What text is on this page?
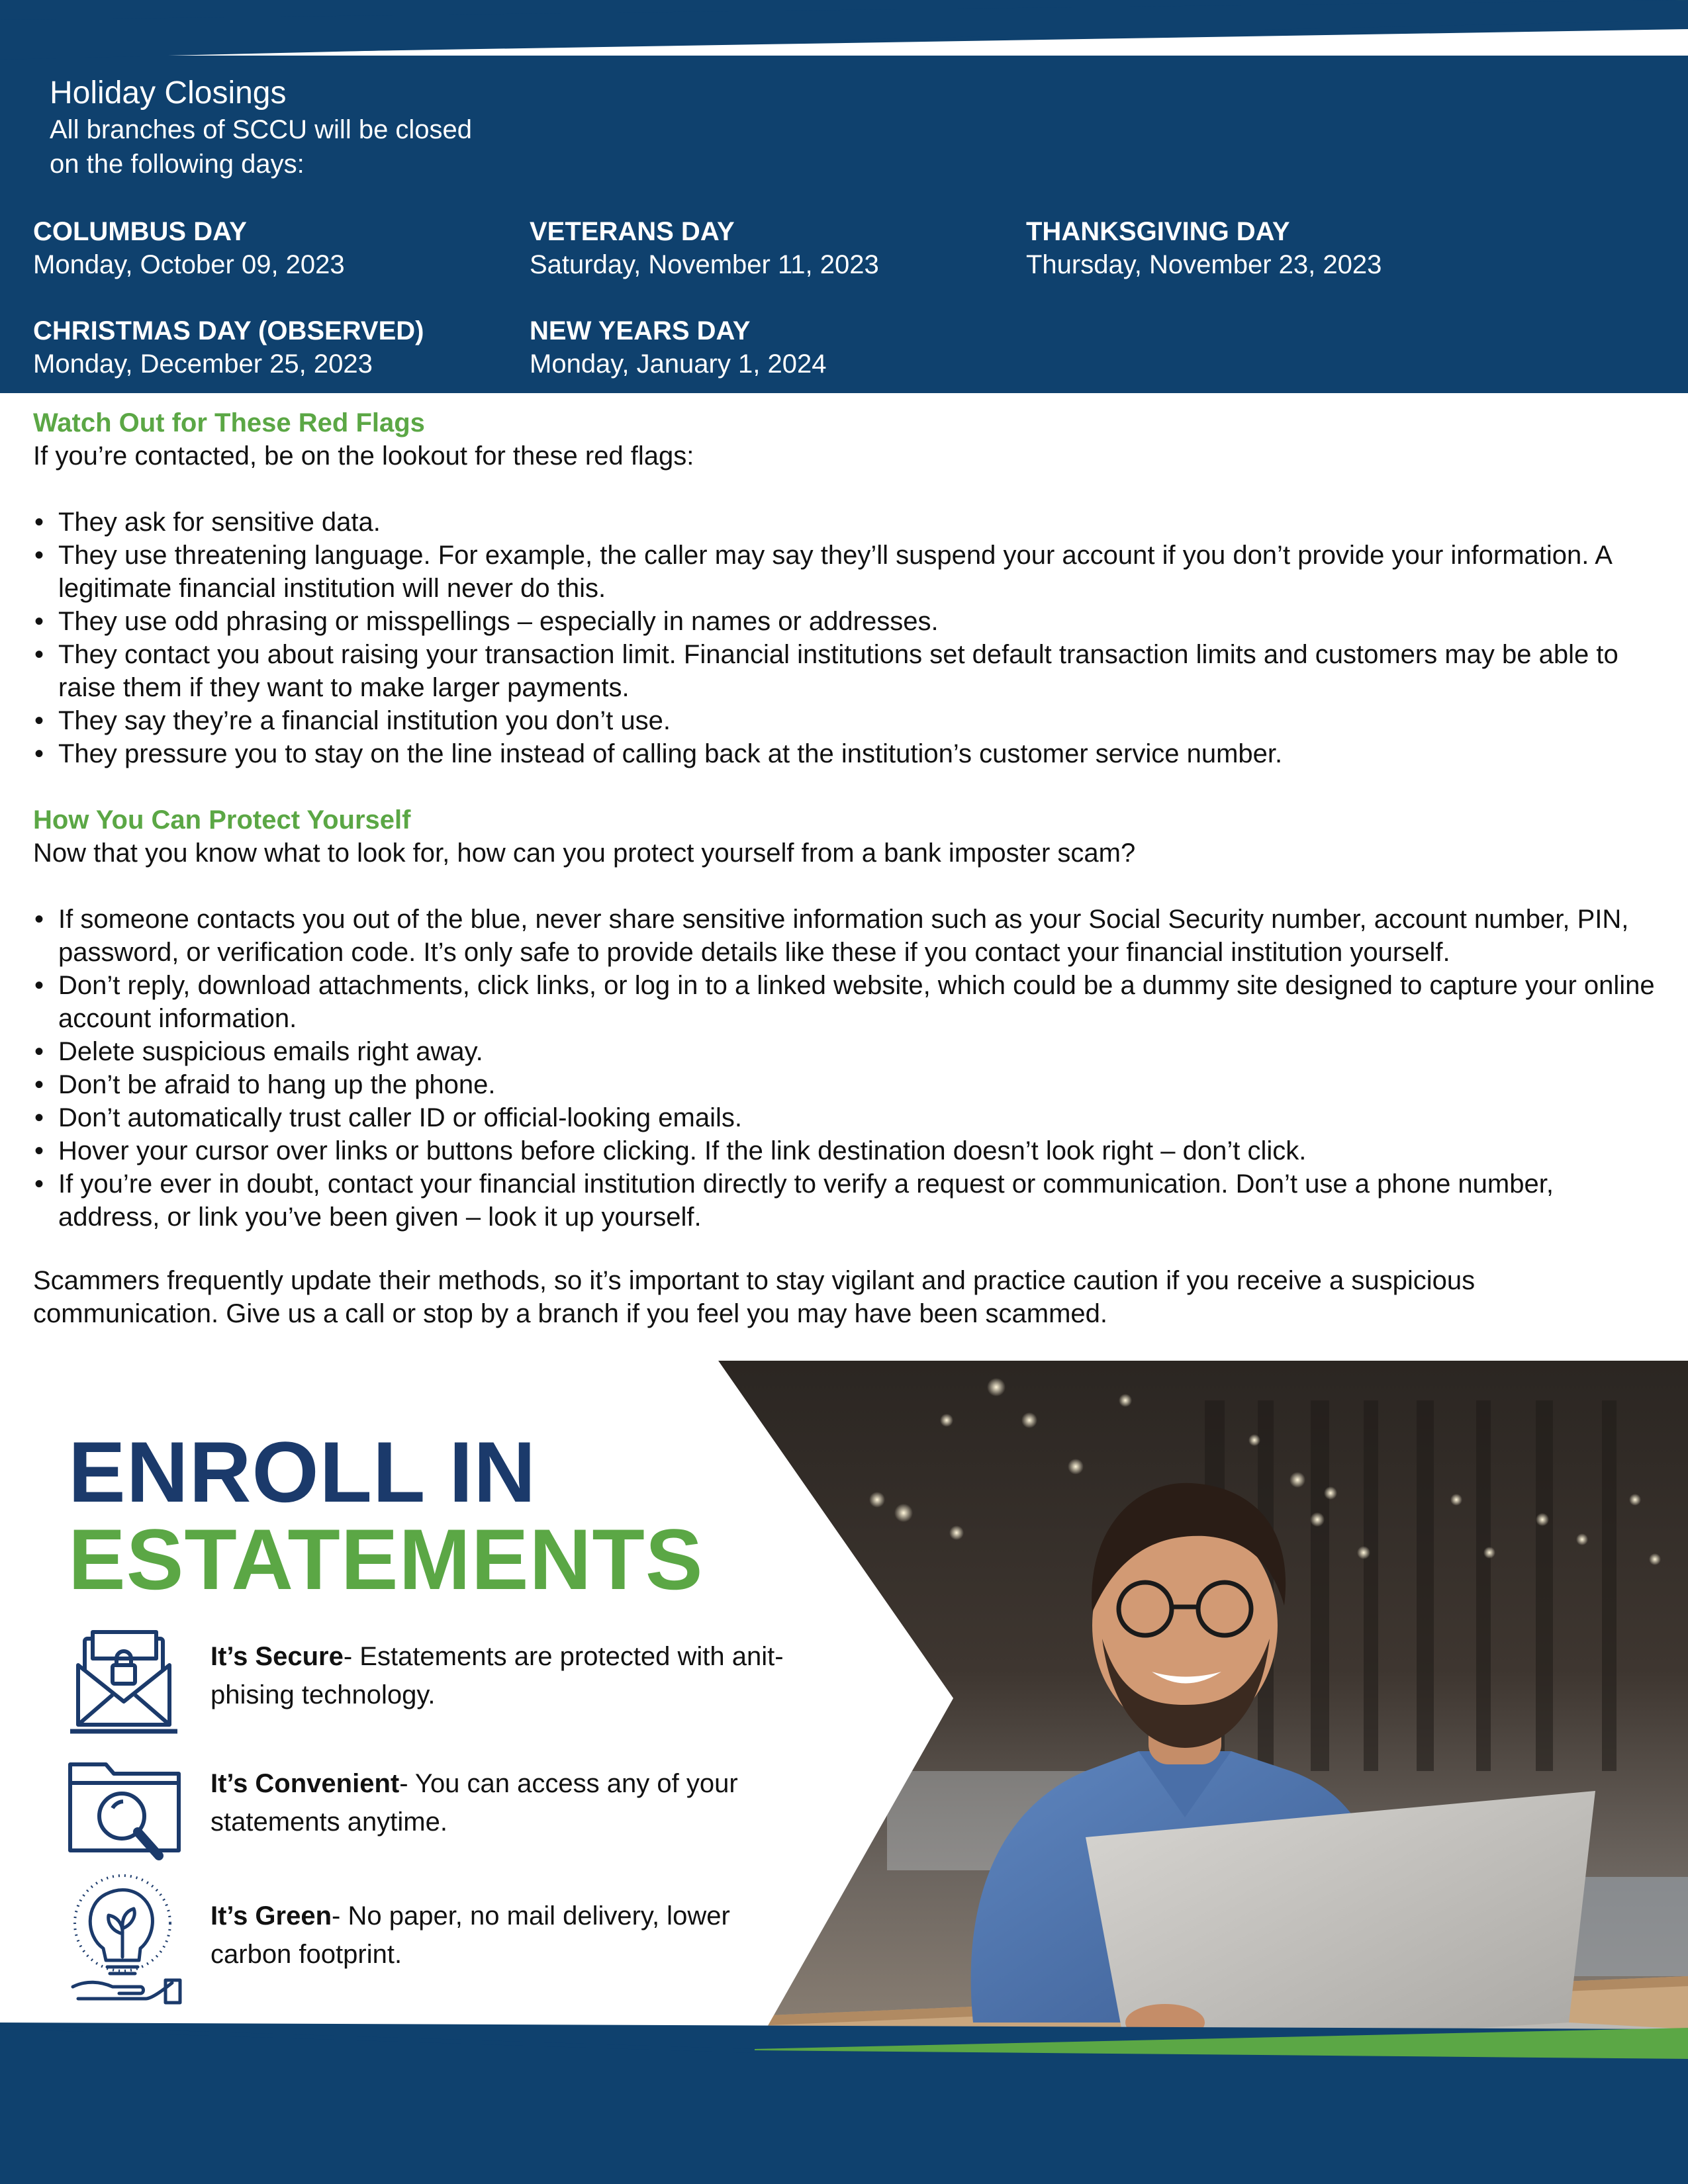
Holiday Closings
All branches of SCCU will be closed
on the following days:
COLUMBUS DAY
Monday, October 09, 2023
VETERANS DAY
Saturday, November 11, 2023
THANKSGIVING DAY
Thursday, November 23, 2023
CHRISTMAS DAY (OBSERVED)
Monday, December 25, 2023
NEW YEARS DAY
Monday, January 1, 2024
Watch Out for These Red Flags

If you’re contacted, be on the lookout for these red flags:

• They ask for sensitive data.
• They use threatening language. For example, the caller may say they’ll suspend your account if you don’t provide your information. A legitimate financial institution will never do this.
• They use odd phrasing or misspellings – especially in names or addresses.
• They contact you about raising your transaction limit. Financial institutions set default transaction limits and customers may be able to raise them if they want to make larger payments.
• They say they’re a financial institution you don’t use.
• They pressure you to stay on the line instead of calling back at the institution’s customer service number.
How You Can Protect Yourself

Now that you know what to look for, how can you protect yourself from a bank imposter scam?

• If someone contacts you out of the blue, never share sensitive information such as your Social Security number, account number, PIN, password, or verification code. It’s only safe to provide details like these if you contact your financial institution yourself.
• Don’t reply, download attachments, click links, or log in to a linked website, which could be a dummy site designed to capture your online account information.
• Delete suspicious emails right away.
• Don’t be afraid to hang up the phone.
• Don’t automatically trust caller ID or official-looking emails.
• Hover your cursor over links or buttons before clicking. If the link destination doesn’t look right – don’t click.
• If you’re ever in doubt, contact your financial institution directly to verify a request or communication. Don’t use a phone number, address, or link you’ve been given – look it up yourself.

Scammers frequently update their methods, so it’s important to stay vigilant and practice caution if you receive a suspicious communication. Give us a call or stop by a branch if you feel you may have been scammed.

ENROLL IN
ESTATEMENTS
It’s Secure- Estatements are protected with anit-phising technology.
It’s Convenient- You can access any of your statements anytime.
It’s Green- No paper, no mail delivery, lower carbon footprint.
